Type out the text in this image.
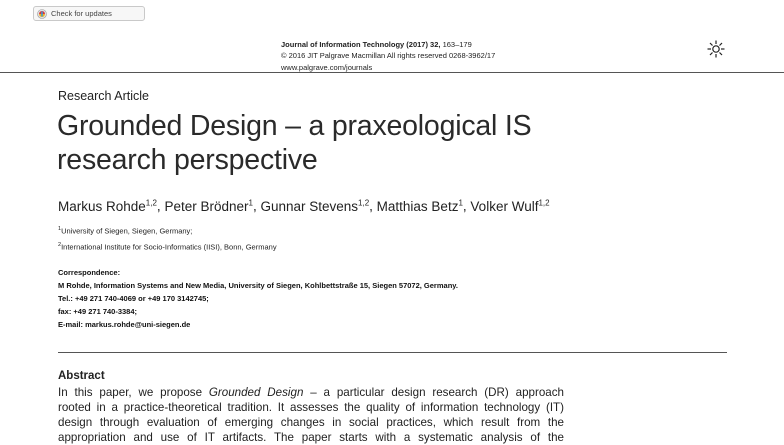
Check for updates
Journal of Information Technology (2017) 32, 163–179
© 2016 JIT Palgrave Macmillan All rights reserved 0268-3962/17
www.palgrave.com/journals
Research Article
Grounded Design – a praxeological IS
research perspective
Markus Rohde$^{1,2}$, Peter Brödner$^1$, Gunnar Stevens$^{1,2}$, Matthias Betz$^1$, Volker Wulf$^{1,2}$
$^1$University of Siegen, Siegen, Germany;
$^2$International Institute for Socio-Informatics (IISI), Bonn, Germany
Correspondence:
M Rohde, Information Systems and New Media, University of Siegen, Kohlbettstraße 15, Siegen 57072, Germany.
Tel.: +49 271 740-4069 or +49 170 3142745;
fax: +49 271 740-3384;
E-mail: markus.rohde@uni-siegen.de
Abstract
In this paper, we propose Grounded Design – a particular design research (DR) approach
rooted in a practice-theoretical tradition. It assesses the quality of information technology (IT)
design through evaluation of emerging changes in social practices, which result from the
appropriation and use of IT artifacts. The paper starts with a systematic analysis of the
